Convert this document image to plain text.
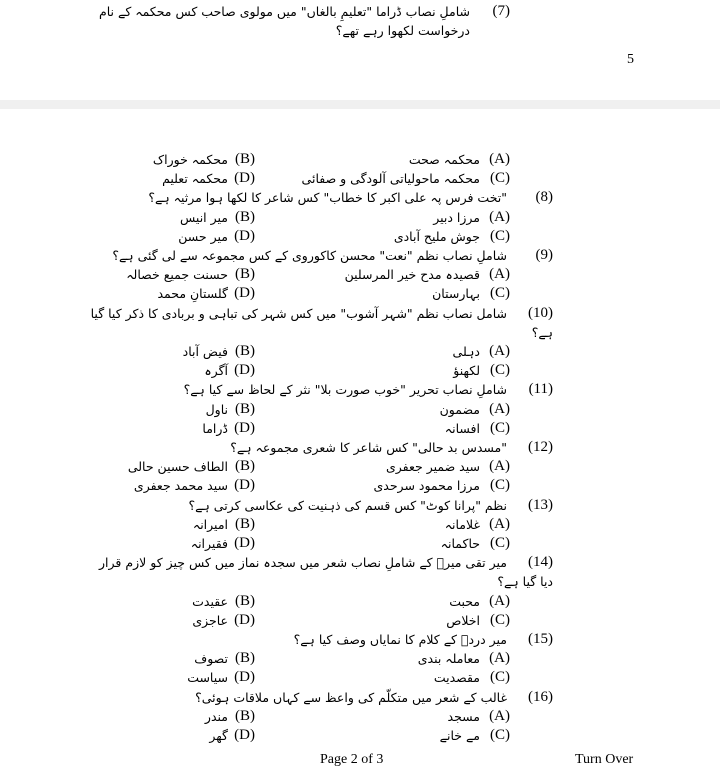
(7)
شاملِ نصاب ڈراما "تعلیمِ بالغاں" میں مولوی صاحب کس محکمہ کے نام
درخواست لکھوا رہے تھے؟
5
(A)
محکمہ صحت
(B)
محکمہ خوراک
(C)
محکمہ ماحولیاتی آلودگی و صفائی
(D)
محکمہ تعلیم
(8)
"تخت فرس پہ علی اکبر کا خطاب" کس شاعر کا لکھا ہوا مرثیہ ہے؟
(A)
مرزا دبیر
(B)
میر انیس
(C)
جوش ملیح آبادی
(D)
میر حسن
(9)
شاملِ نصاب نظم "نعت" محسن کاکوروی کے کس مجموعہ سے لی گئی ہے؟
(A)
قصیدہ مدح خیر المرسلین
(B)
حسنت جمیع خصالہ
(C)
بہارستان
(D)
گلستانِ محمد
(10)
شامل نصاب نظم "شہر آشوب" میں کس شہر کی تباہی و بربادی کا ذکر کیا گیا
ہے؟
(A)
دہلی
(B)
فیض آباد
(C)
لکھنؤ
(D)
آگرہ
(11)
شاملِ نصاب تحریر "خوب صورت بلا" نثر کے لحاظ سے کیا ہے؟
(A)
مضمون
(B)
ناول
(C)
افسانہ
(D)
ڈراما
(12)
"مسدس بد حالی" کس شاعر کا شعری مجموعہ ہے؟
(A)
سید ضمیر جعفری
(B)
الطاف حسین حالی
(C)
مرزا محمود سرحدی
(D)
سید محمد جعفری
(13)
نظم "پرانا کوٹ" کس قسم کی ذہنیت کی عکاسی کرتی ہے؟
(A)
غلامانہ
(B)
امیرانہ
(C)
حاکمانہ
(D)
فقیرانہ
(14)
میر تقی میرؔ کے شاملِ نصاب شعر میں سجدہ نماز میں کس چیز کو لازم قرار
دیا گیا ہے؟
(A)
محبت
(B)
عقیدت
(C)
اخلاص
(D)
عاجزی
(15)
میر دردؔ کے کلام کا نمایاں وصف کیا ہے؟
(A)
معاملہ بندی
(B)
تصوف
(C)
مقصدیت
(D)
سیاست
(16)
غالب کے شعر میں متکلّم کی واعظ سے کہاں ملاقات ہوئی؟
(A)
مسجد
(B)
مندر
(C)
مے خانے
(D)
گھر
Page 2 of 3	Turn Over
